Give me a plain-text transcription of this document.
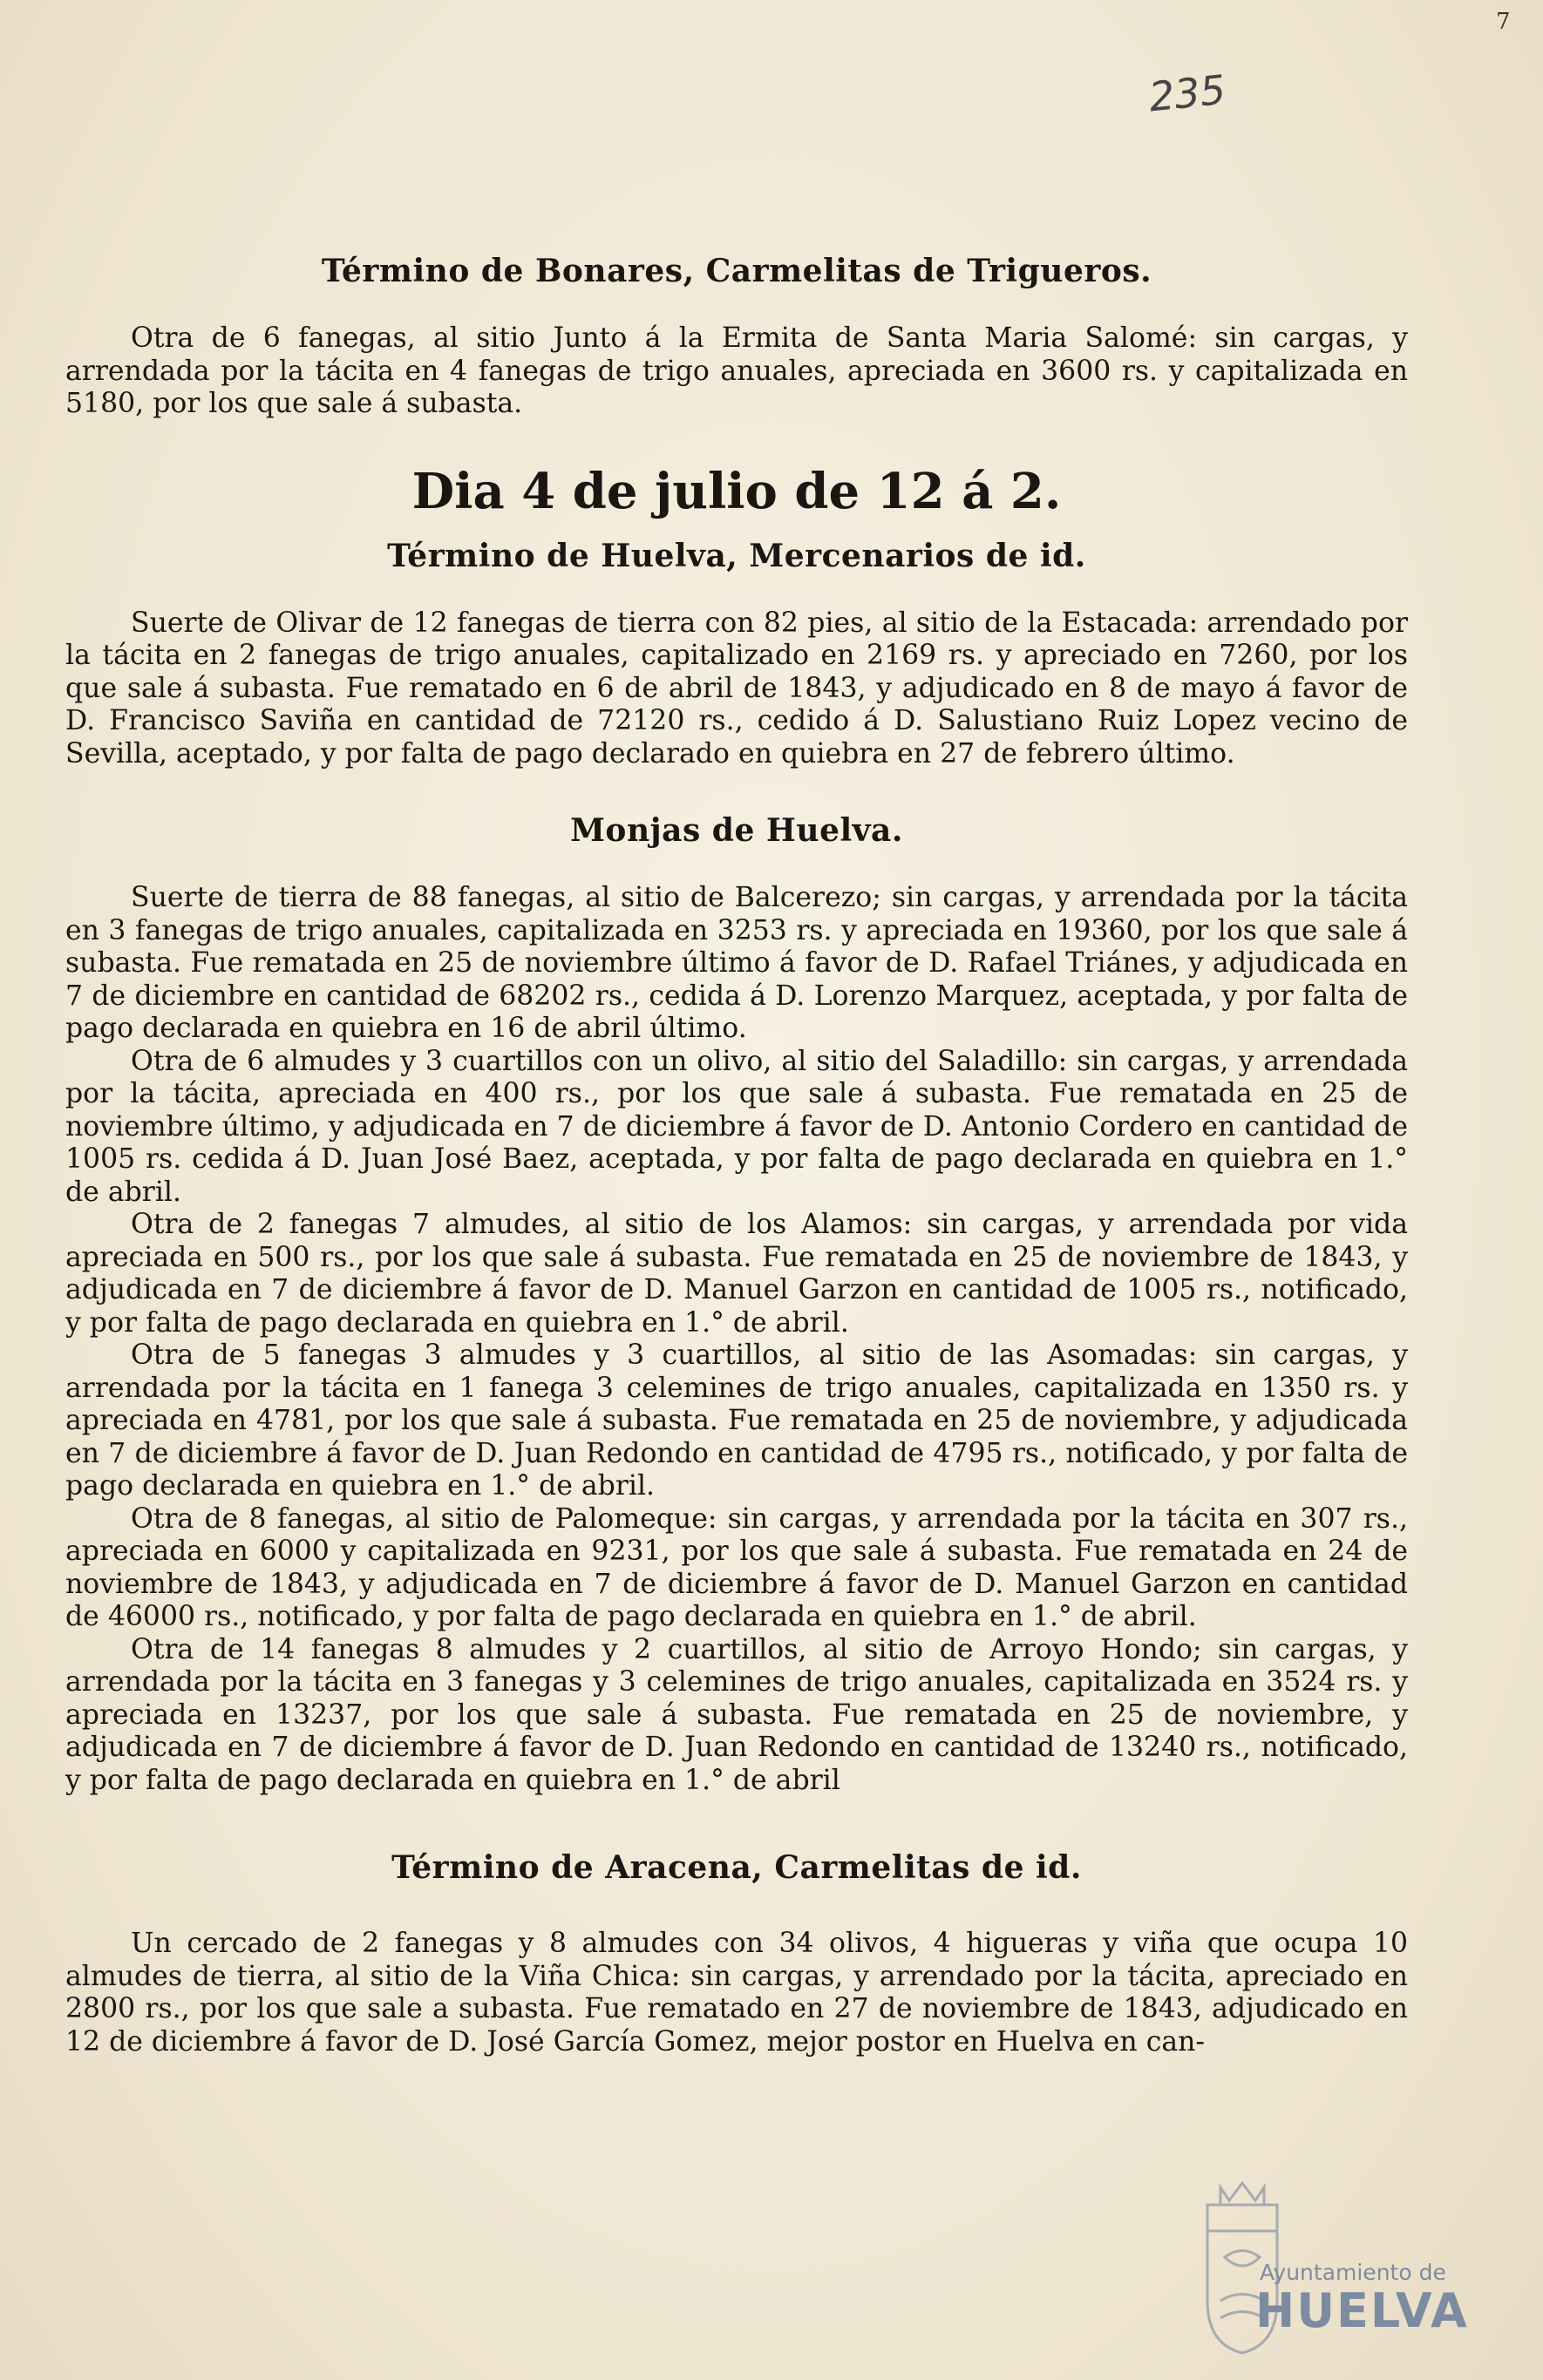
7
235
Término de Bonares, Carmelitas de Trigueros.

Otra de 6 fanegas, al sitio Junto á la Ermita de Santa Maria Salomé: sin cargas, y arrendada por la tácita en 4 fanegas de trigo anuales, apreciada en 3600 rs. y capitalizada en 5180, por los que sale á subasta.

Dia 4 de julio de 12 á 2.
Término de Huelva, Mercenarios de id.

Suerte de Olivar de 12 fanegas de tierra con 82 pies, al sitio de la Estacada: arrendado por la tácita en 2 fanegas de trigo anuales, capitalizado en 2169 rs. y apreciado en 7260, por los que sale á subasta. Fue rematado en 6 de abril de 1843, y adjudicado en 8 de mayo á favor de D. Francisco Saviña en cantidad de 72120 rs., cedido á D. Salustiano Ruiz Lopez vecino de Sevilla, aceptado, y por falta de pago declarado en quiebra en 27 de febrero último.

Monjas de Huelva.

Suerte de tierra de 88 fanegas, al sitio de Balcerezo; sin cargas, y arrendada por la tácita en 3 fanegas de trigo anuales, capitalizada en 3253 rs. y apreciada en 19360, por los que sale á subasta. Fue rematada en 25 de noviembre último á favor de D. Rafael Triánes, y adjudicada en 7 de diciembre en cantidad de 68202 rs., cedida á D. Lorenzo Marquez, aceptada, y por falta de pago declarada en quiebra en 16 de abril último.

Otra de 6 almudes y 3 cuartillos con un olivo, al sitio del Saladillo: sin cargas, y arrendada por la tácita, apreciada en 400 rs., por los que sale á subasta. Fue rematada en 25 de noviembre último, y adjudicada en 7 de diciembre á favor de D. Antonio Cordero en cantidad de 1005 rs. cedida á D. Juan José Baez, aceptada, y por falta de pago declarada en quiebra en 1.° de abril.

Otra de 2 fanegas 7 almudes, al sitio de los Alamos: sin cargas, y arrendada por vida apreciada en 500 rs., por los que sale á subasta. Fue rematada en 25 de noviembre de 1843, y adjudicada en 7 de diciembre á favor de D. Manuel Garzon en cantidad de 1005 rs., notificado, y por falta de pago declarada en quiebra en 1.° de abril.

Otra de 5 fanegas 3 almudes y 3 cuartillos, al sitio de las Asomadas: sin cargas, y arrendada por la tácita en 1 fanega 3 celemines de trigo anuales, capitalizada en 1350 rs. y apreciada en 4781, por los que sale á subasta. Fue rematada en 25 de noviembre, y adjudicada en 7 de diciembre á favor de D. Juan Redondo en cantidad de 4795 rs., notificado, y por falta de pago declarada en quiebra en 1.° de abril.

Otra de 8 fanegas, al sitio de Palomeque: sin cargas, y arrendada por la tácita en 307 rs., apreciada en 6000 y capitalizada en 9231, por los que sale á subasta. Fue rematada en 24 de noviembre de 1843, y adjudicada en 7 de diciembre á favor de D. Manuel Garzon en cantidad de 46000 rs., notificado, y por falta de pago declarada en quiebra en 1.° de abril.

Otra de 14 fanegas 8 almudes y 2 cuartillos, al sitio de Arroyo Hondo; sin cargas, y arrendada por la tácita en 3 fanegas y 3 celemines de trigo anuales, capitalizada en 3524 rs. y apreciada en 13237, por los que sale á subasta. Fue rematada en 25 de noviembre, y adjudicada en 7 de diciembre á favor de D. Juan Redondo en cantidad de 13240 rs., notificado, y por falta de pago declarada en quiebra en 1.° de abril

Término de Aracena, Carmelitas de id.

Un cercado de 2 fanegas y 8 almudes con 34 olivos, 4 higueras y viña que ocupa 10 almudes de tierra, al sitio de la Viña Chica: sin cargas, y arrendado por la tácita, apreciado en 2800 rs., por los que sale a subasta. Fue rematado en 27 de noviembre de 1843, adjudicado en 12 de diciembre á favor de D. José García Gomez, mejor postor en Huelva en can-

Ayuntamiento de
HUELVA
